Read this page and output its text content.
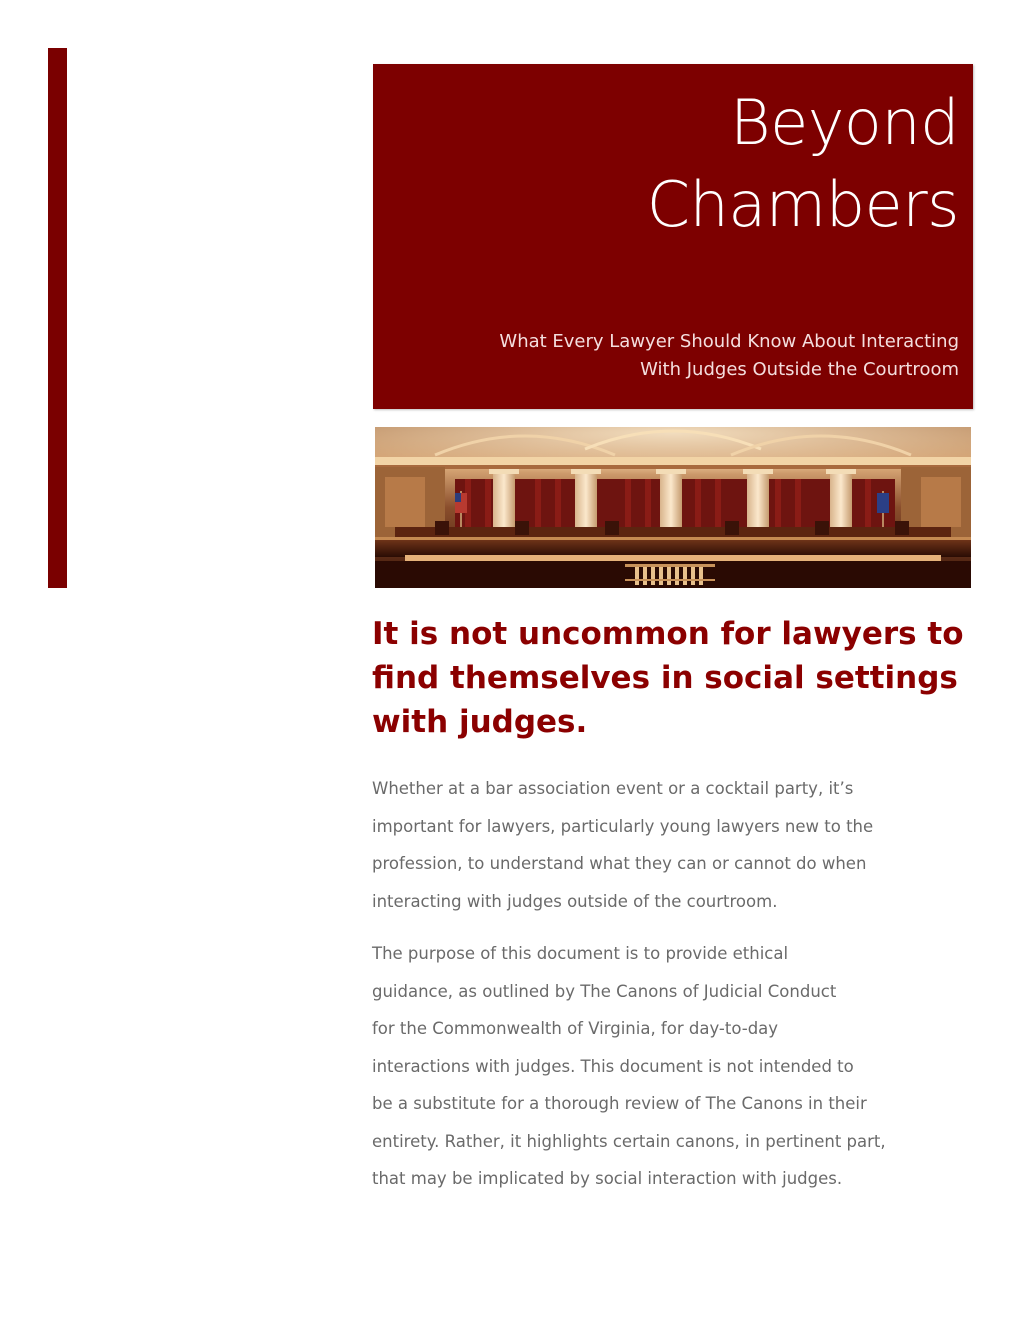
Beyond
Chambers

What Every Lawyer Should Know About Interacting
With Judges Outside the Courtroom

It is not uncommon for lawyers to
find themselves in social settings
with judges.

Whether at a bar association event or a cocktail party, it’s
important for lawyers, particularly young lawyers new to the
profession, to understand what they can or cannot do when
interacting with judges outside of the courtroom.

The purpose of this document is to provide ethical
guidance, as outlined by The Canons of Judicial Conduct
for the Commonwealth of Virginia, for day-to-day
interactions with judges. This document is not intended to
be a substitute for a thorough review of The Canons in their
entirety. Rather, it highlights certain canons, in pertinent part,
that may be implicated by social interaction with judges.
